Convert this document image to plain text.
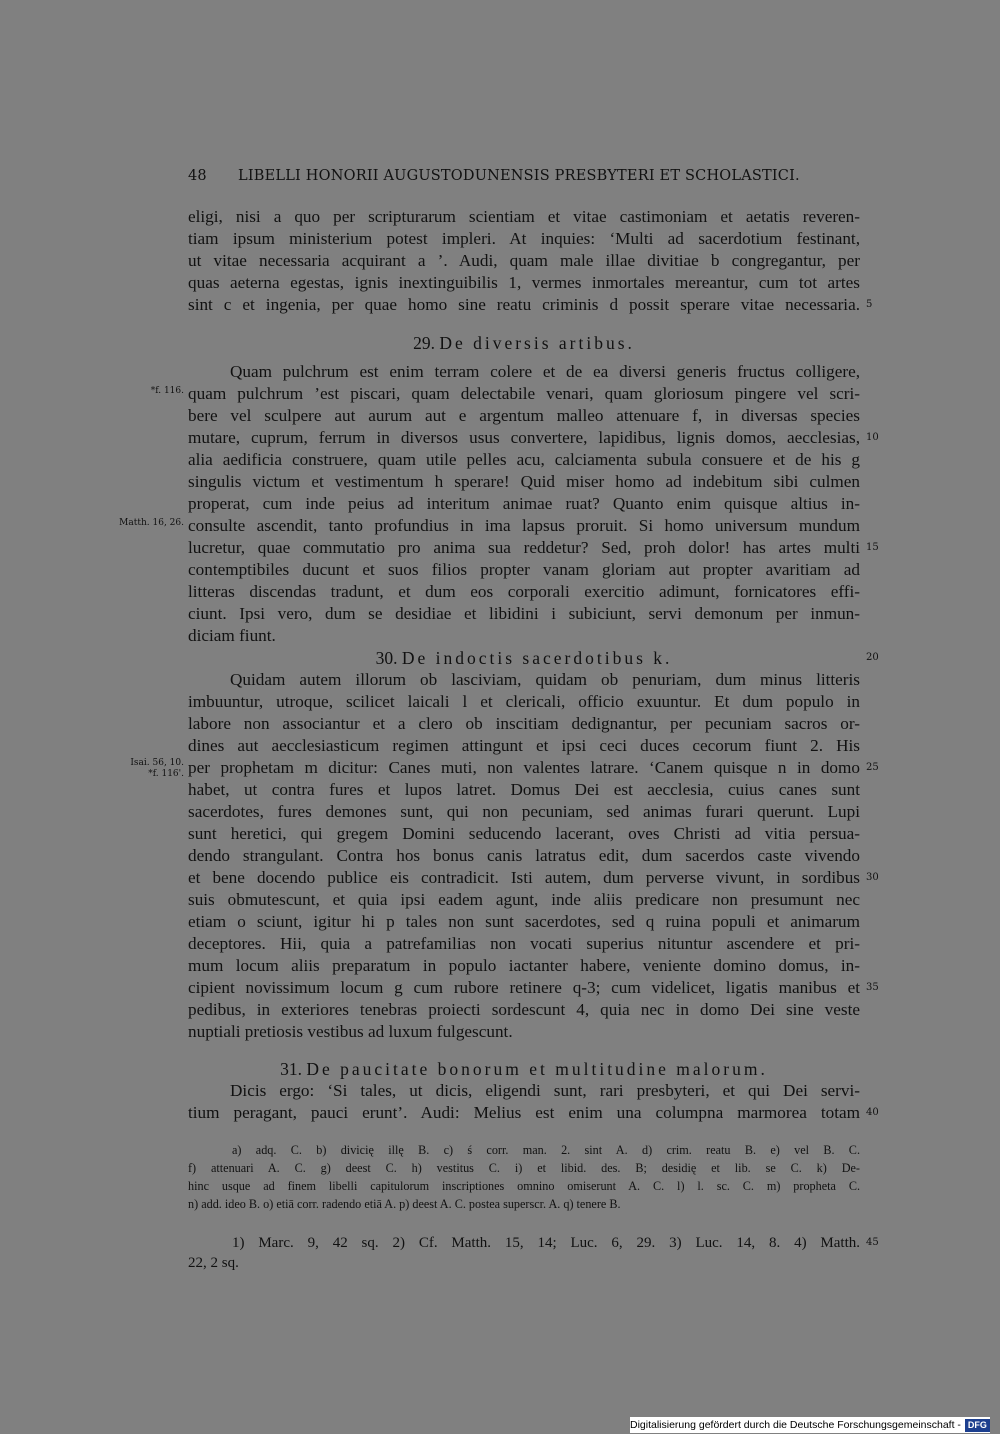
48 LIBELLI HONORII AUGUSTODUNENSIS PRESBYTERI ET SCHOLASTICI.
eligi, nisi a quo per scripturarum scientiam et vitae castimoniam et aetatis reveren-
tiam ipsum ministerium potest impleri. At inquies: ‘Multi ad sacerdotium festinant,
ut vitae necessaria acquirant a ’. Audi, quam male illae divitiae b congregantur, per
quas aeterna egestas, ignis inextinguibilis 1, vermes inmortales mereantur, cum tot artes
sint c et ingenia, per quae homo sine reatu criminis d possit sperare vitae necessaria. 5
29. De diversis artibus.
Quam pulchrum est enim terram colere et de ea diversi generis fructus colligere,
*f. 116. quam pulchrum ’est piscari, quam delectabile venari, quam gloriosum pingere vel scri-
bere vel sculpere aut aurum aut e argentum malleo attenuare f, in diversas species
mutare, cuprum, ferrum in diversos usus convertere, lapidibus, lignis domos, aecclesias, 10
alia aedificia construere, quam utile pelles acu, calciamenta subula consuere et de his g
singulis victum et vestimentum h sperare! Quid miser homo ad indebitum sibi culmen
properat, cum inde peius ad interitum animae ruat? Quanto enim quisque altius in-
Matth. 16, 26. consulte ascendit, tanto profundius in ima lapsus proruit. Si homo universum mundum
lucretur, quae commutatio pro anima sua reddetur? Sed, proh dolor! has artes multi 15
contemptibiles ducunt et suos filios propter vanam gloriam aut propter avaritiam ad
litteras discendas tradunt, et dum eos corporali exercitio adimunt, fornicatores effi-
ciunt. Ipsi vero, dum se desidiae et libidini i subiciunt, servi demonum per inmun-
diciam fiunt.
30. De indoctis sacerdotibus k.	20
Quidam autem illorum ob lasciviam, quidam ob penuriam, dum minus litteris
imbuuntur, utroque, scilicet laicali l et clericali, officio exuuntur. Et dum populo in
labore non associantur et a clero ob inscitiam dedignantur, per pecuniam sacros or-
dines aut aecclesiasticum regimen attingunt et ipsi ceci duces cecorum fiunt 2. His
Isai. 56, 10.
*f. 116'. per prophetam m dicitur: Canes muti, non valentes latrare. ‘Canem quisque n in domo 25
habet, ut contra fures et lupos latret. Domus Dei est aecclesia, cuius canes sunt
sacerdotes, fures demones sunt, qui non pecuniam, sed animas furari querunt. Lupi
sunt heretici, qui gregem Domini seducendo lacerant, oves Christi ad vitia persua-
dendo strangulant. Contra hos bonus canis latratus edit, dum sacerdos caste vivendo
et bene docendo publice eis contradicit. Isti autem, dum perverse vivunt, in sordibus 30
suis obmutescunt, et quia ipsi eadem agunt, inde aliis predicare non presumunt nec
etiam o sciunt, igitur hi p tales non sunt sacerdotes, sed q ruina populi et animarum
deceptores. Hii, quia a patrefamilias non vocati superius nituntur ascendere et pri-
mum locum aliis preparatum in populo iactanter habere, veniente domino domus, in-
cipient novissimum locum g cum rubore retinere q-3; cum videlicet, ligatis manibus et 35
pedibus, in exteriores tenebras proiecti sordescunt 4, quia nec in domo Dei sine veste
nuptiali pretiosis vestibus ad luxum fulgescunt.
31. De paucitate bonorum et multitudine malorum.
Dicis ergo: ‘Si tales, ut dicis, eligendi sunt, rari presbyteri, et qui Dei servi-
tium peragant, pauci erunt’. Audi: Melius est enim una columpna marmorea totam 40
a) adq. C. b) divicię illę B. c) ś corr. man. 2. sint A. d) crim. reatu B. e) vel B. C.
f) attenuari A. C. g) deest C. h) vestitus C. i) et libid. des. B; desidię et lib. se C. k) De-
hinc usque ad finem libelli capitulorum inscriptiones omnino omiserunt A. C. l) l. sc. C. m) propheta C.
n) add. ideo B. o) etiā corr. radendo etiā A. p) deest A. C. postea superscr. A. q) tenere B.
1) Marc. 9, 42 sq. 2) Cf. Matth. 15, 14; Luc. 6, 29. 3) Luc. 14, 8. 4) Matth. 45
22, 2 sq.
Digitalisierung gefördert durch die Deutsche Forschungsgemeinschaft - DFG
